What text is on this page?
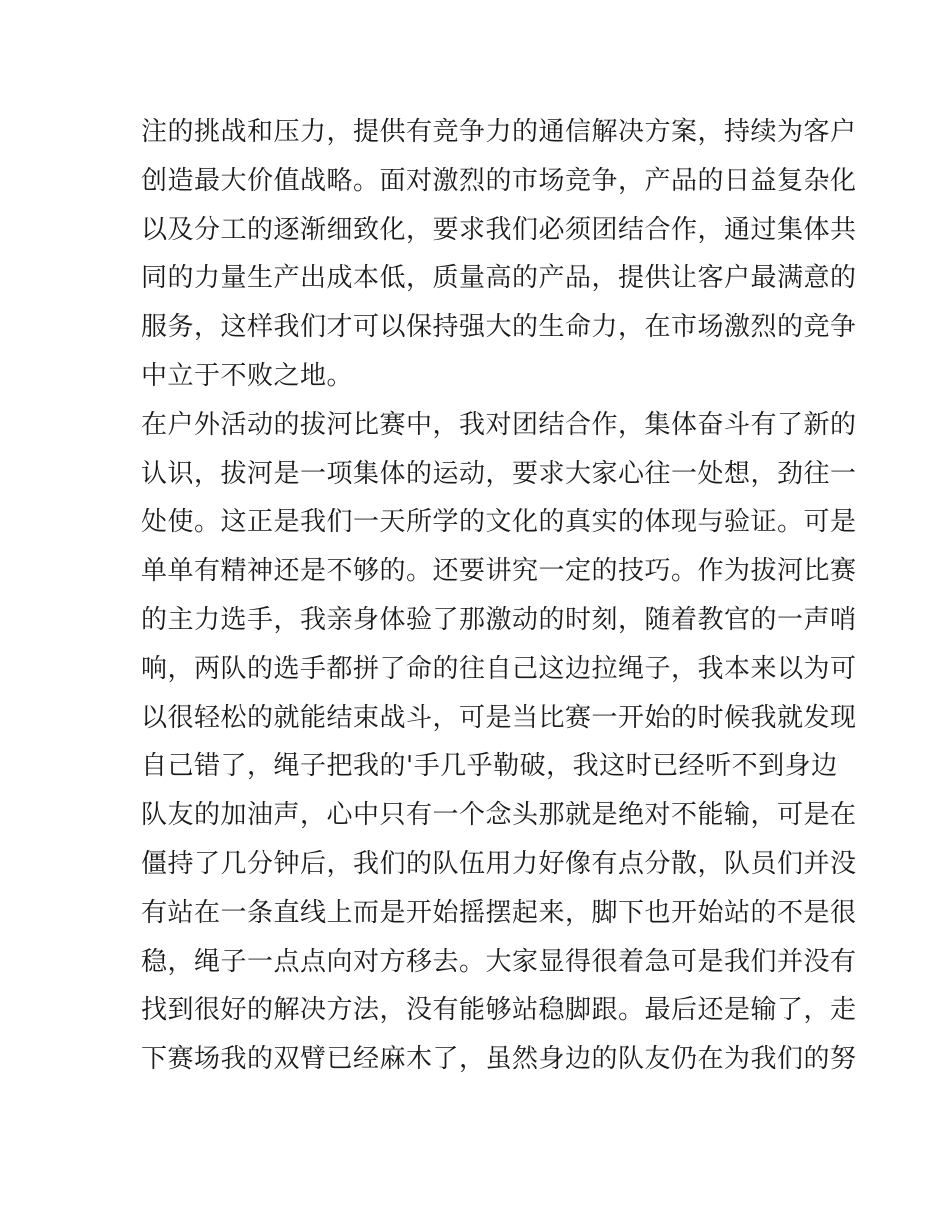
注的挑战和压力，提供有竞争力的通信解决方案，持续为客户
创造最大价值战略。面对激烈的市场竞争，产品的日益复杂化
以及分工的逐渐细致化，要求我们必须团结合作，通过集体共
同的力量生产出成本低，质量高的产品，提供让客户最满意的
服务，这样我们才可以保持强大的生命力，在市场激烈的竞争
中立于不败之地。
在户外活动的拔河比赛中，我对团结合作，集体奋斗有了新的
认识，拔河是一项集体的运动，要求大家心往一处想，劲往一
处使。这正是我们一天所学的文化的真实的体现与验证。可是
单单有精神还是不够的。还要讲究一定的技巧。作为拔河比赛
的主力选手，我亲身体验了那激动的时刻，随着教官的一声哨
响，两队的选手都拼了命的往自己这边拉绳子，我本来以为可
以很轻松的就能结束战斗，可是当比赛一开始的时候我就发现
自己错了，绳子把我的'手几乎勒破，我这时已经听不到身边
队友的加油声，心中只有一个念头那就是绝对不能输，可是在
僵持了几分钟后，我们的队伍用力好像有点分散，队员们并没
有站在一条直线上而是开始摇摆起来，脚下也开始站的不是很
稳，绳子一点点向对方移去。大家显得很着急可是我们并没有
找到很好的解决方法，没有能够站稳脚跟。最后还是输了，走
下赛场我的双臂已经麻木了，虽然身边的队友仍在为我们的努
